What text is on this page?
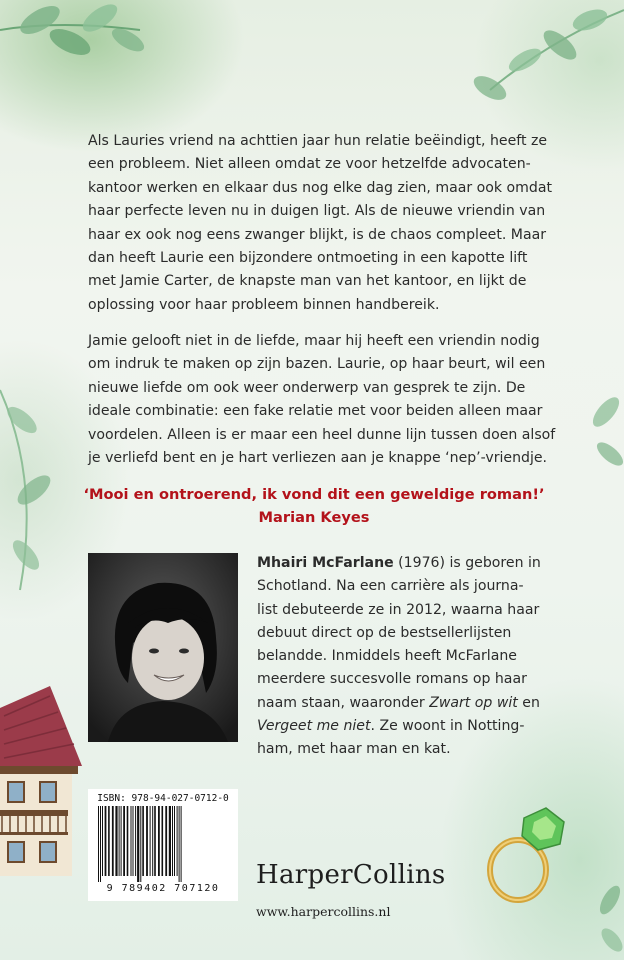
Als Lauries vriend na achttien jaar hun relatie beëindigt, heeft ze
een probleem. Niet alleen omdat ze voor hetzelfde advocaten-
kantoor werken en elkaar dus nog elke dag zien, maar ook omdat
haar perfecte leven nu in duigen ligt. Als de nieuwe vriendin van
haar ex ook nog eens zwanger blijkt, is de chaos compleet. Maar
dan heeft Laurie een bijzondere ontmoeting in een kapotte lift
met Jamie Carter, de knapste man van het kantoor, en lijkt de
oplossing voor haar probleem binnen handbereik.
Jamie gelooft niet in de liefde, maar hij heeft een vriendin nodig
om indruk te maken op zijn bazen. Laurie, op haar beurt, wil een
nieuwe liefde om ook weer onderwerp van gesprek te zijn. De
ideale combinatie: een fake relatie met voor beiden alleen maar
voordelen. Alleen is er maar een heel dunne lijn tussen doen alsof
je verliefd bent en je hart verliezen aan je knappe ‘nep’-vriendje.
‘Mooi en ontroerend, ik vond dit een geweldige roman!’
Marian Keyes
Mhairi McFarlane (1976) is geboren in
Schotland. Na een carrière als journa-
list debuteerde ze in 2012, waarna haar
debuut direct op de bestsellerlijsten
belandde. Inmiddels heeft McFarlane
meerdere succesvolle romans op haar
naam staan, waaronder Zwart op wit en
Vergeet me niet. Ze woont in Notting-
ham, met haar man en kat.
ISBN: 978-94-027-0712-0
9 789402 707120	HarperCollins
www.harpercollins.nl
